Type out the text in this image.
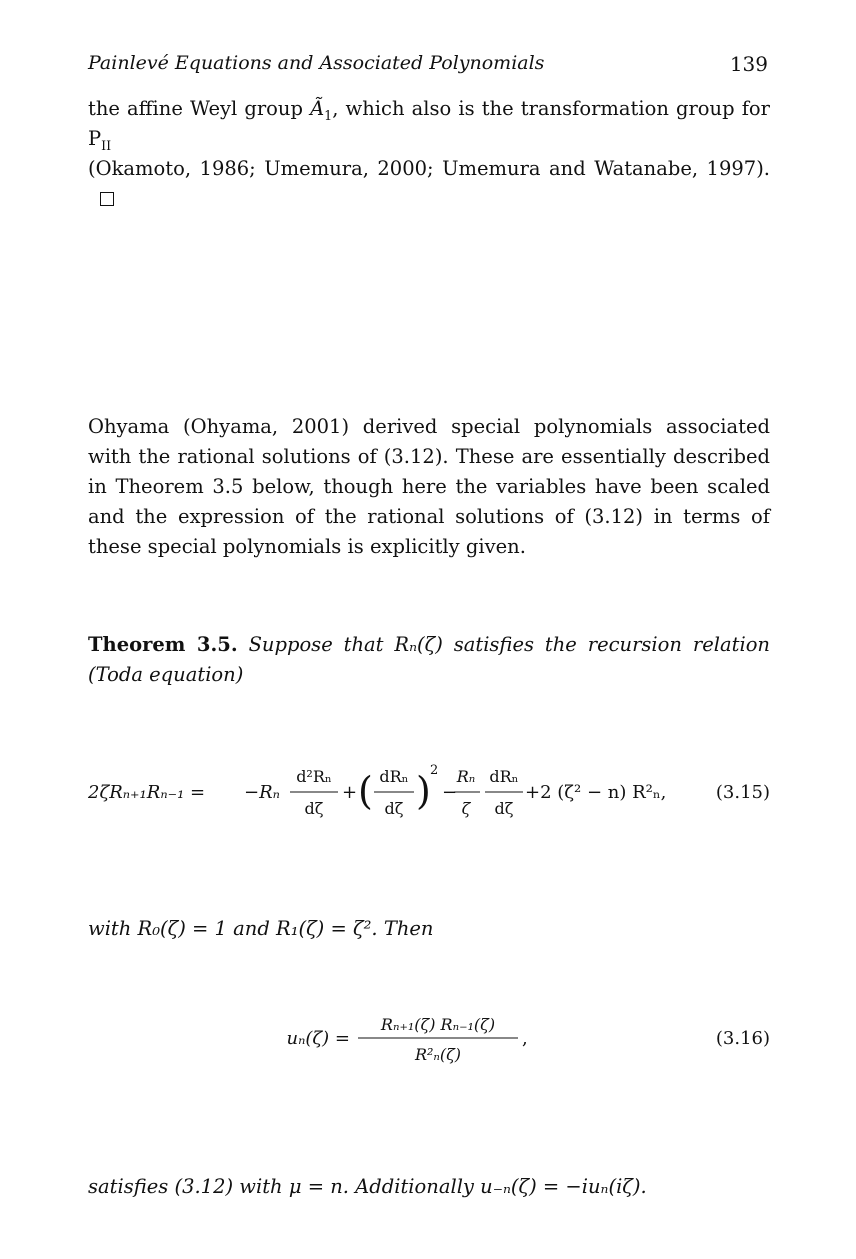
Painlevé Equations and Associated Polynomials	139
the affine Weyl group $Ã_1$, which also is the transformation group for $P_{II}$
(Okamoto, 1986; Umemura, 2000; Umemura and Watanabe, 1997).
Ohyama (Ohyama, 2001) derived special polynomials associated with the rational solutions of (3.12). These are essentially described in Theorem 3.5 below, though here the variables have been scaled and the expression of the rational solutions of (3.12) in terms of these special polynomials is explicitly given.
Theorem 3.5. Suppose that Rₙ(ζ) satisfies the recursion relation (Toda equation)
2ζRₙ₊₁Rₙ₋₁ = −Rₙ
d²Rₙ
dζ
+ ( dRₙ
dζ ) 2
−
Rₙ
ζ
dRₙ
dζ
+2 (ζ² − n) R²ₙ,	(3.15)
with R₀(ζ) = 1 and R₁(ζ) = ζ². Then
uₙ(ζ) =
Rₙ₊₁(ζ) Rₙ₋₁(ζ)
R²ₙ(ζ)
,	(3.16)
satisfies (3.12) with μ = n. Additionally u₋ₙ(ζ) = −iuₙ(iζ).
